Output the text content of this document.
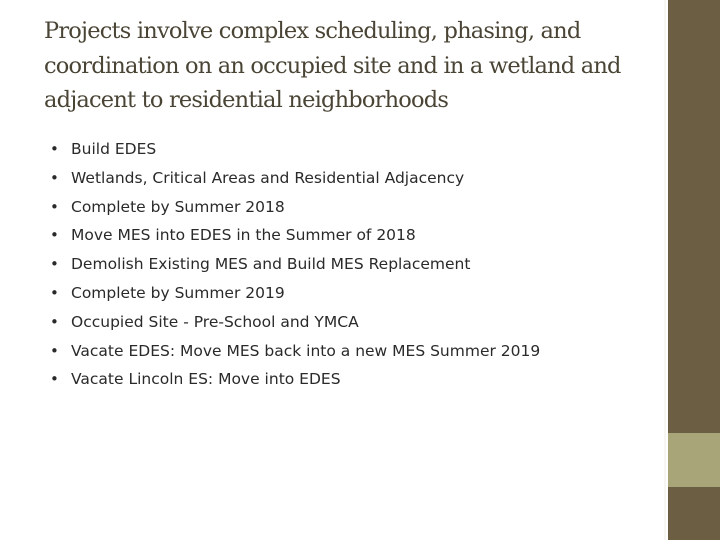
Projects involve complex scheduling, phasing, and coordination on an occupied site and in a wetland and adjacent to residential neighborhoods
• Build EDES
• Wetlands, Critical Areas and Residential Adjacency
• Complete by Summer 2018
• Move MES into EDES in the Summer of 2018
• Demolish Existing MES and Build MES Replacement
• Complete by Summer 2019
• Occupied Site - Pre-School and YMCA
• Vacate EDES: Move MES back into a new MES Summer 2019
• Vacate Lincoln ES: Move into EDES
